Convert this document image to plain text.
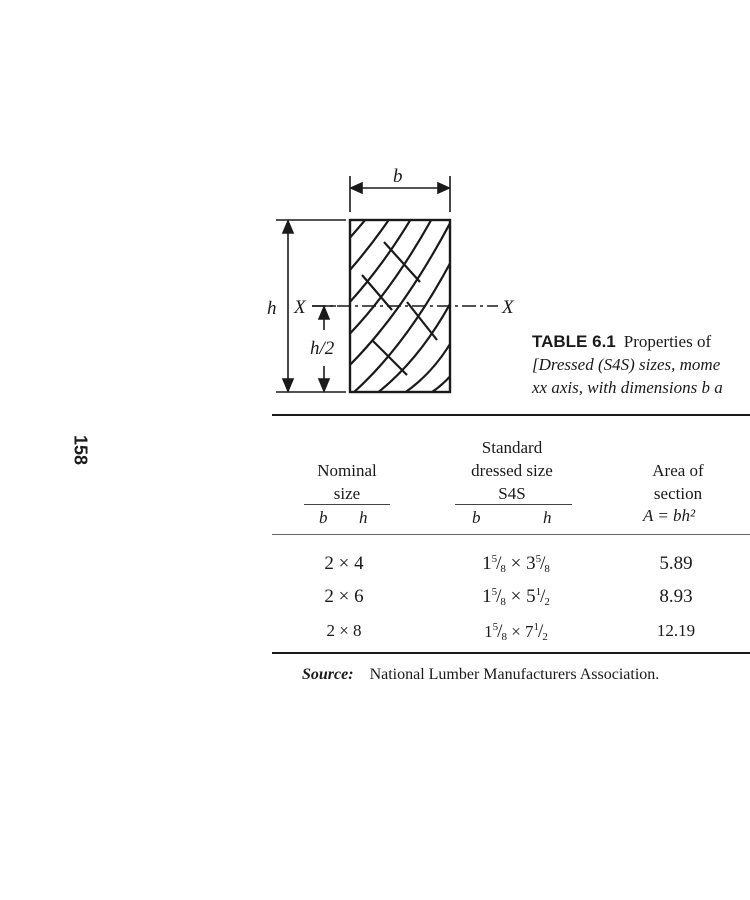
158
b
h X	X
h/2	TABLE 6.1 Properties of
[Dressed (S4S) sizes, mome
xx axis, with dimensions b a
Nominal
size
b h
Standard
dressed size
S4S
b	h
Area of
section
A = bh²
2 × 4	$1^5/_8 \times 3^5/_8$	5.89
2 × 6	$1^5/_8 \times 5^1/_2$	8.93
2 × 8	$1^5/_8 \times 7^1/_2$	12.19
Source: National Lumber Manufacturers Association.
